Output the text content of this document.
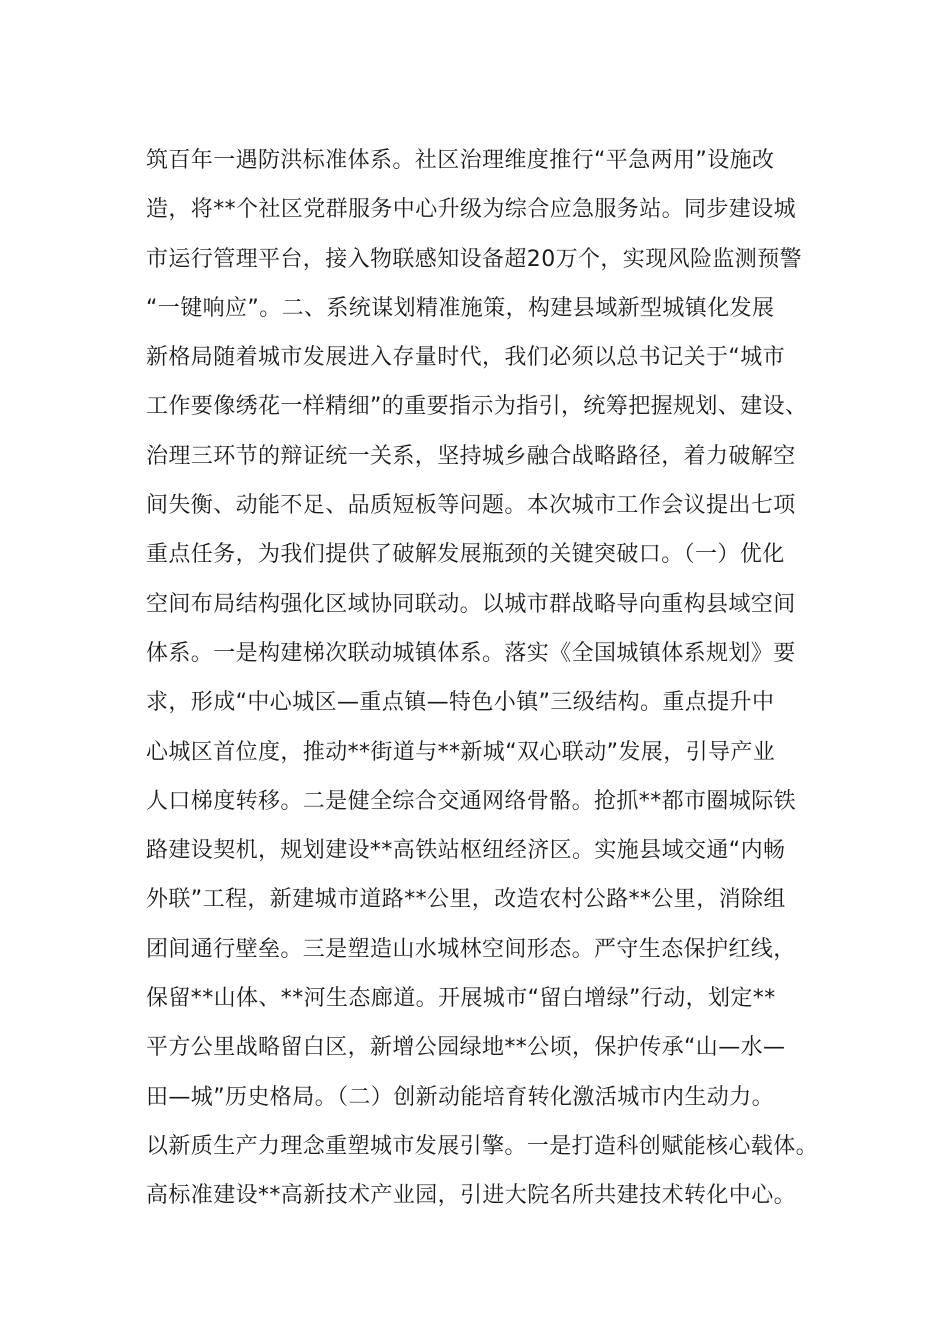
筑百年一遇防洪标准体系。社区治理维度推行“平急两用”设施改
造，将**个社区党群服务中心升级为综合应急服务站。同步建设城
市运行管理平台，接入物联感知设备超20万个，实现风险监测预警
“一键响应”。二、系统谋划精准施策，构建县域新型城镇化发展
新格局随着城市发展进入存量时代，我们必须以总书记关于“城市
工作要像绣花一样精细”的重要指示为指引，统筹把握规划、建设、
治理三环节的辩证统一关系，坚持城乡融合战略路径，着力破解空
间失衡、动能不足、品质短板等问题。本次城市工作会议提出七项
重点任务，为我们提供了破解发展瓶颈的关键突破口。（一）优化
空间布局结构强化区域协同联动。以城市群战略导向重构县域空间
体系。一是构建梯次联动城镇体系。落实《全国城镇体系规划》要
求，形成“中心城区—重点镇—特色小镇”三级结构。重点提升中
心城区首位度，推动**街道与**新城“双心联动”发展，引导产业
人口梯度转移。二是健全综合交通网络骨骼。抢抓**都市圈城际铁
路建设契机，规划建设**高铁站枢纽经济区。实施县域交通“内畅
外联”工程，新建城市道路**公里，改造农村公路**公里，消除组
团间通行壁垒。三是塑造山水城林空间形态。严守生态保护红线，
保留**山体、**河生态廊道。开展城市“留白增绿”行动，划定**
平方公里战略留白区，新增公园绿地**公顷，保护传承“山—水—
田—城”历史格局。（二）创新动能培育转化激活城市内生动力。
以新质生产力理念重塑城市发展引擎。一是打造科创赋能核心载体。
高标准建设**高新技术产业园，引进大院名所共建技术转化中心。
